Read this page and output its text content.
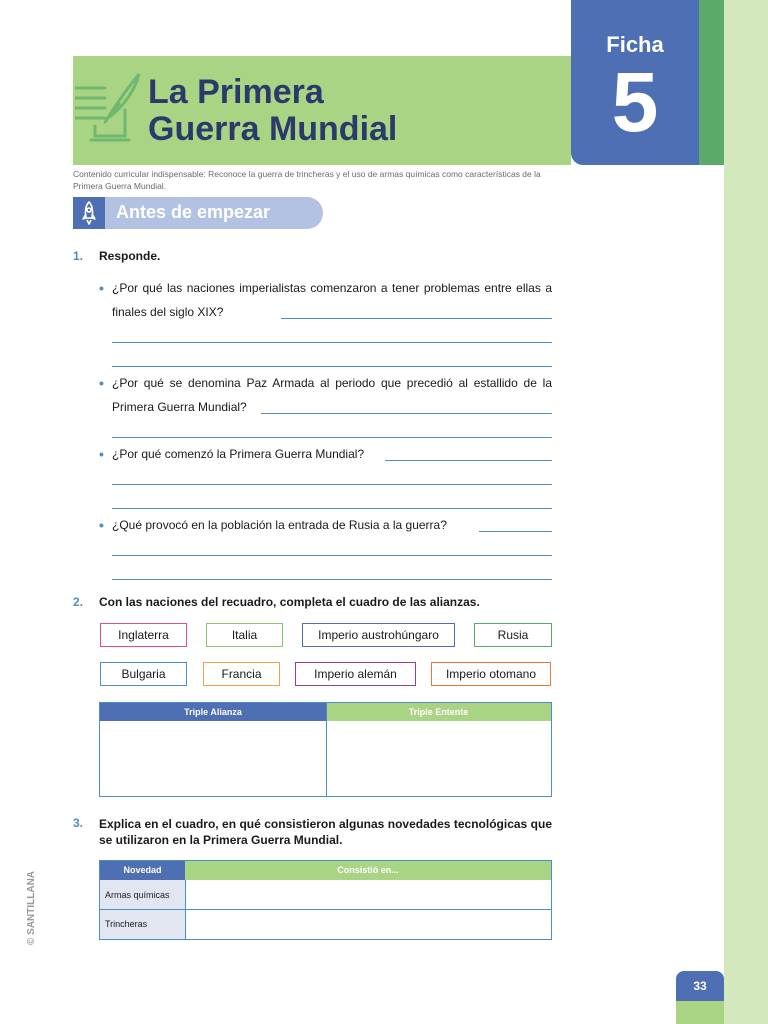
Ficha
5
La Primera
Guerra Mundial
Contenido curricular indispensable: Reconoce la guerra de trincheras y el uso de armas químicas como características de la Primera Guerra Mundial.
Antes de empezar
1. Responde.
• ¿Por qué las naciones imperialistas comenzaron a tener problemas entre ellas a finales del siglo XIX?
• ¿Por qué se denomina Paz Armada al periodo que precedió al estallido de la Primera Guerra Mundial?
• ¿Por qué comenzó la Primera Guerra Mundial?
• ¿Qué provocó en la población la entrada de Rusia a la guerra?
2. Con las naciones del recuadro, completa el cuadro de las alianzas.
Inglaterra	Italia	Imperio austrohúngaro	Rusia
Bulgaria	Francia	Imperio alemán	Imperio otomano
Triple Alianza	Triple Entente
3. Explica en el cuadro, en qué consistieron algunas novedades tecnológicas que se utilizaron en la Primera Guerra Mundial.
Novedad	Consistió en...
Armas químicas
Trincheras
© SANTILLANA
33
